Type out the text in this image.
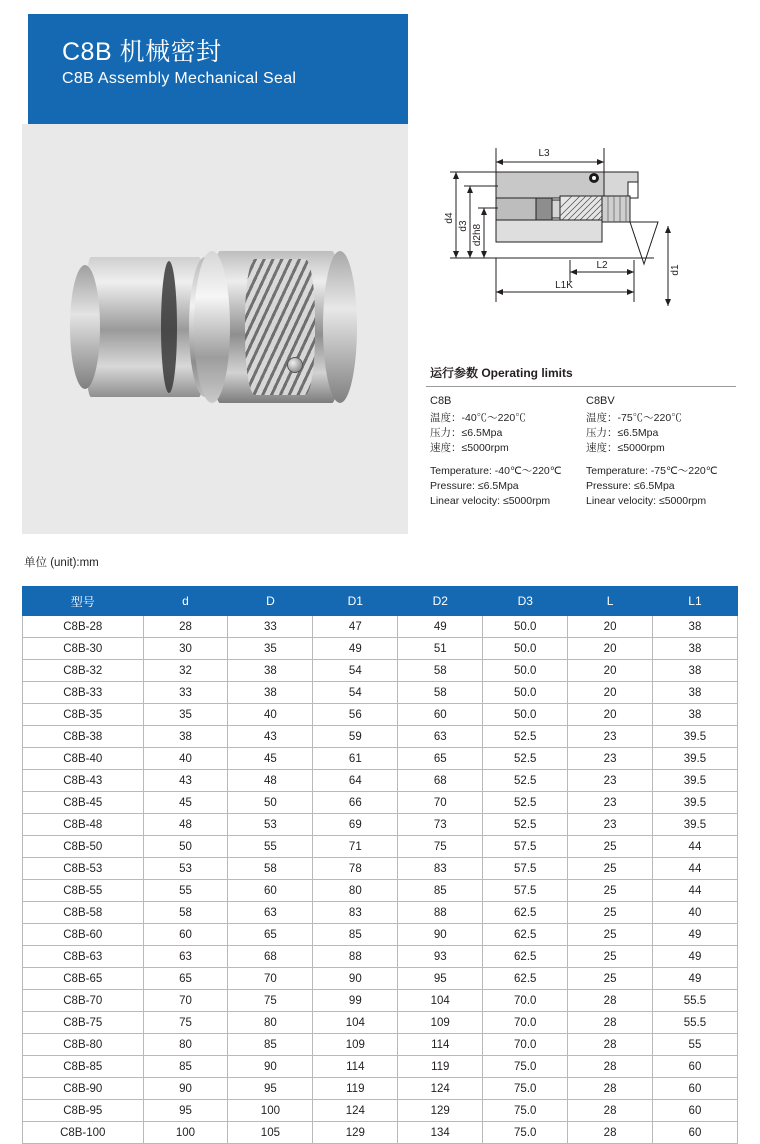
C8B 机械密封
C8B Assembly Mechanical Seal
L3
L2
L1K
d1
d2h8
d3
d4
运行参数 Operating limits
C8B
温度：-40℃～220℃
压力：≤6.5Mpa
速度：≤5000rpm
Temperature: -40℃～220℃
Pressure: ≤6.5Mpa
Linear velocity: ≤5000rpm
C8BV
温度：-75℃～220℃
压力：≤6.5Mpa
速度：≤5000rpm
Temperature: -75℃～220℃
Pressure: ≤6.5Mpa
Linear velocity: ≤5000rpm
单位 (unit):mm
型号	d	D	D1	D2	D3	L	L1
C8B-28	28	33	47	49	50.0	20	38
C8B-30	30	35	49	51	50.0	20	38
C8B-32	32	38	54	58	50.0	20	38
C8B-33	33	38	54	58	50.0	20	38
C8B-35	35	40	56	60	50.0	20	38
C8B-38	38	43	59	63	52.5	23	39.5
C8B-40	40	45	61	65	52.5	23	39.5
C8B-43	43	48	64	68	52.5	23	39.5
C8B-45	45	50	66	70	52.5	23	39.5
C8B-48	48	53	69	73	52.5	23	39.5
C8B-50	50	55	71	75	57.5	25	44
C8B-53	53	58	78	83	57.5	25	44
C8B-55	55	60	80	85	57.5	25	44
C8B-58	58	63	83	88	62.5	25	40
C8B-60	60	65	85	90	62.5	25	49
C8B-63	63	68	88	93	62.5	25	49
C8B-65	65	70	90	95	62.5	25	49
C8B-70	70	75	99	104	70.0	28	55.5
C8B-75	75	80	104	109	70.0	28	55.5
C8B-80	80	85	109	114	70.0	28	55
C8B-85	85	90	114	119	75.0	28	60
C8B-90	90	95	119	124	75.0	28	60
C8B-95	95	100	124	129	75.0	28	60
C8B-100	100	105	129	134	75.0	28	60
